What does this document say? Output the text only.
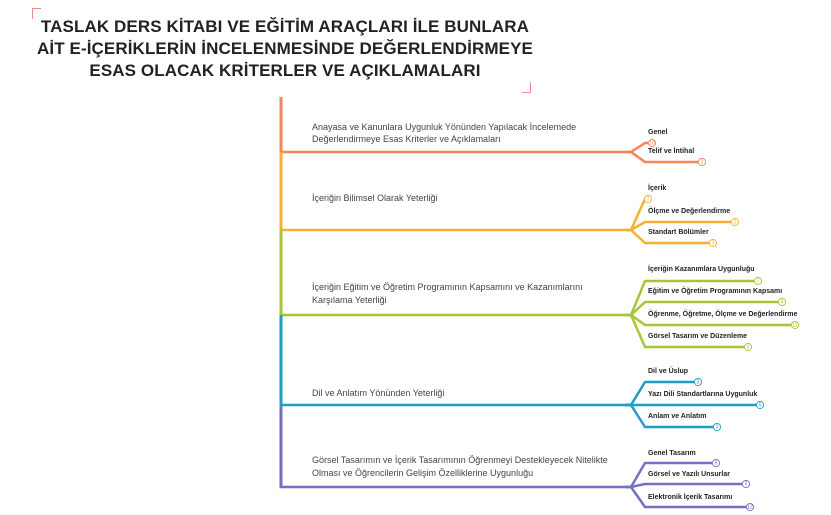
TASLAK DERS KİTABI VE EĞİTİM ARAÇLARI İLE BUNLARA
AİT E-İÇERİKLERİN İNCELENMESİNDE DEĞERLENDİRMEYE
ESAS OLACAK KRİTERLER VE AÇIKLAMALARI
Anayasa ve Kanunlara Uygunluk Yönünden Yapılacak İncelemede
Değerlendirmeye Esas Kriterler ve Açıklamaları
Genel
10
Telif ve İntihal
2
İçeriğin Bilimsel Olarak Yeterliği
İçerik
7
Ölçme ve Değerlendirme
2
Standart Bölümler
3
İçeriğin Eğitim ve Öğretim Programının Kapsamını ve Kazanımlarını
Karşılama Yeterliği
İçeriğin Kazanımlara Uygunluğu
7
Eğitim ve Öğretim Programının Kapsamı
4
Öğrenme, Öğretme, Ölçme ve Değerlendirme
11
Görsel Tasarım ve Düzenleme
3
Dil ve Anlatım Yönünden Yeterliği
Dil ve Üslup
3
Yazı Dili Standartlarına Uygunluk
5
Anlam ve Anlatım
3
Görsel Tasarımın ve İçerik Tasarımının Öğrenmeyi Destekleyecek Nitelikte
Olması ve Öğrencilerin Gelişim Özelliklerine Uygunluğu
Genel Tasarım
6
Görsel ve Yazılı Unsurlar
5
Elektronik İçerik Tasarımı
12
